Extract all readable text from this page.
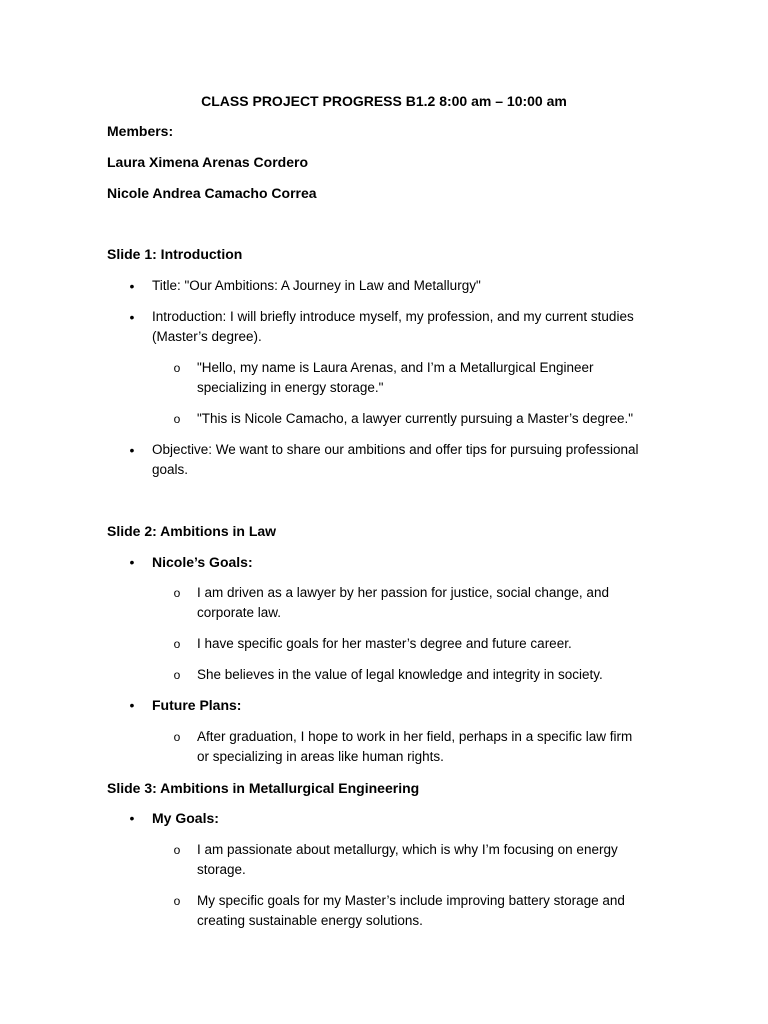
CLASS PROJECT PROGRESS B1.2 8:00 am – 10:00 am
Members:
Laura Ximena Arenas Cordero
Nicole Andrea Camacho Correa
Slide 1: Introduction
• Title: "Our Ambitions: A Journey in Law and Metallurgy"
• Introduction: I will briefly introduce myself, my profession, and my current studies
(Master’s degree).
o "Hello, my name is Laura Arenas, and I’m a Metallurgical Engineer
specializing in energy storage."
o "This is Nicole Camacho, a lawyer currently pursuing a Master’s degree."
• Objective: We want to share our ambitions and offer tips for pursuing professional
goals.
Slide 2: Ambitions in Law
• Nicole’s Goals:
o I am driven as a lawyer by her passion for justice, social change, and
corporate law.
o I have specific goals for her master’s degree and future career.
o She believes in the value of legal knowledge and integrity in society.
• Future Plans:
o After graduation, I hope to work in her field, perhaps in a specific law firm
or specializing in areas like human rights.
Slide 3: Ambitions in Metallurgical Engineering
• My Goals:
o I am passionate about metallurgy, which is why I’m focusing on energy
storage.
o My specific goals for my Master’s include improving battery storage and
creating sustainable energy solutions.
